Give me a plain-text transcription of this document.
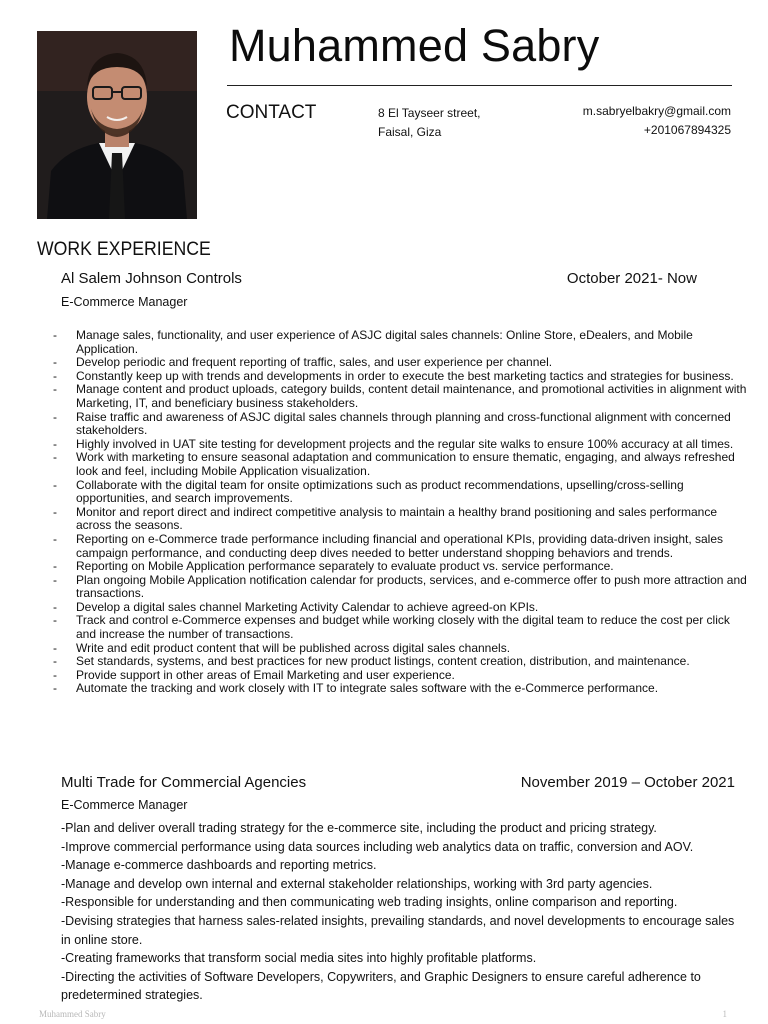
Muhammed Sabry
CONTACT	8 El Tayseer street,
Faisal, Giza
m.sabryelbakry@gmail.com
+201067894325
WORK EXPERIENCE
Al Salem Johnson Controls	October 2021- Now
E-Commerce Manager
- Manage sales, functionality, and user experience of ASJC digital sales channels: Online Store, eDealers, and Mobile Application.
- Develop periodic and frequent reporting of traffic, sales, and user experience per channel.
- Constantly keep up with trends and developments in order to execute the best marketing tactics and strategies for business.
- Manage content and product uploads, category builds, content detail maintenance, and promotional activities in alignment with Marketing, IT, and beneficiary business stakeholders.
- Raise traffic and awareness of ASJC digital sales channels through planning and cross-functional alignment with concerned stakeholders.
- Highly involved in UAT site testing for development projects and the regular site walks to ensure 100% accuracy at all times.
- Work with marketing to ensure seasonal adaptation and communication to ensure thematic, engaging, and always refreshed look and feel, including Mobile Application visualization.
- Collaborate with the digital team for onsite optimizations such as product recommendations, upselling/cross-selling opportunities, and search improvements.
- Monitor and report direct and indirect competitive analysis to maintain a healthy brand positioning and sales performance across the seasons.
- Reporting on e-Commerce trade performance including financial and operational KPIs, providing data-driven insight, sales campaign performance, and conducting deep dives needed to better understand shopping behaviors and trends.
- Reporting on Mobile Application performance separately to evaluate product vs. service performance.
- Plan ongoing Mobile Application notification calendar for products, services, and e-commerce offer to push more attraction and transactions.
- Develop a digital sales channel Marketing Activity Calendar to achieve agreed-on KPIs.
- Track and control e-Commerce expenses and budget while working closely with the digital team to reduce the cost per click and increase the number of transactions.
- Write and edit product content that will be published across digital sales channels.
- Set standards, systems, and best practices for new product listings, content creation, distribution, and maintenance.
- Provide support in other areas of Email Marketing and user experience.
- Automate the tracking and work closely with IT to integrate sales software with the e-Commerce performance.
Multi Trade for Commercial Agencies	November 2019 – October 2021
E-Commerce Manager
-Plan and deliver overall trading strategy for the e-commerce site, including the product and pricing strategy.
-Improve commercial performance using data sources including web analytics data on traffic, conversion and AOV.
-Manage e-commerce dashboards and reporting metrics.
-Manage and develop own internal and external stakeholder relationships, working with 3rd party agencies.
-Responsible for understanding and then communicating web trading insights, online comparison and reporting.
-Devising strategies that harness sales-related insights, prevailing standards, and novel developments to encourage sales in online store.
-Creating frameworks that transform social media sites into highly profitable platforms.
-Directing the activities of Software Developers, Copywriters, and Graphic Designers to ensure careful adherence to predetermined strategies.
Muhammed Sabry	1
